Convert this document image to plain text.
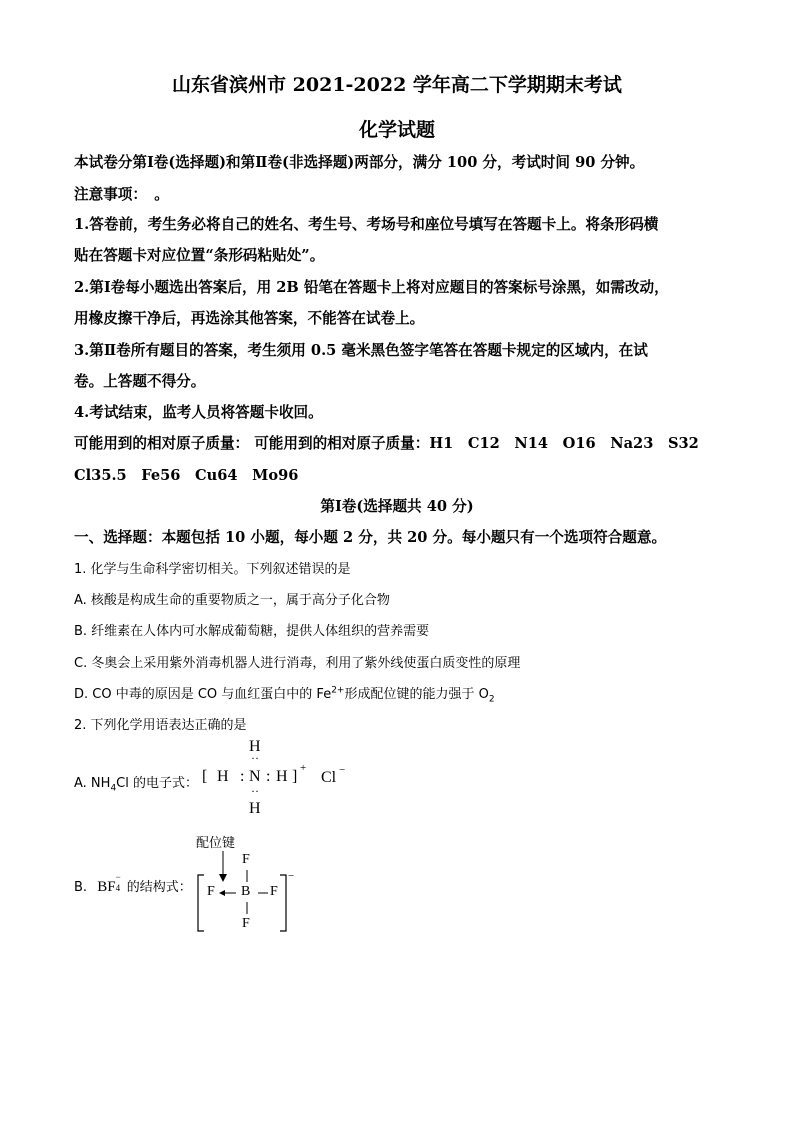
山东省滨州市 2021-2022 学年高二下学期期末考试
化学试题
本试卷分第Ⅰ卷(选择题)和第Ⅱ卷(非选择题)两部分，满分 100 分，考试时间 90 分钟。
注意事项：　。
1.答卷前，考生务必将自己的姓名、考生号、考场号和座位号填写在答题卡上。将条形码横
贴在答题卡对应位置“条形码粘贴处”。
2.第Ⅰ卷每小题选出答案后，用 2B 铅笔在答题卡上将对应题目的答案标号涂黑，如需改动，
用橡皮擦干净后，再选涂其他答案，不能答在试卷上。
3.第Ⅱ卷所有题目的答案，考生须用 0.5 毫米黑色签字笔答在答题卡规定的区域内，在试
卷。上答题不得分。
4.考试结束，监考人员将答题卡收回。
可能用到的相对原子质量： 可能用到的相对原子质量：H1　C12　N14　O16　Na23　S32
Cl35.5　Fe56　Cu64　Mo96
第Ⅰ卷(选择题共 40 分)
一、选择题：本题包括 10 小题，每小题 2 分，共 20 分。每小题只有一个选项符合题意。
1. 化学与生命科学密切相关。下列叙述错误的是
A. 核酸是构成生命的重要物质之一，属于高分子化合物
B. 纤维素在人体内可水解成葡萄糖，提供人体组织的营养需要
C. 冬奥会上采用紫外消毒机器人进行消毒，利用了紫外线使蛋白质变性的原理
D. CO 中毒的原因是 CO 与血红蛋白中的 $Fe^{2+}$形成配位键的能力强于 $O_2$
2. 下列化学用语表达正确的是
A. $NH_4Cl$ 的电子式：
H
··
[ H : N : H ] +
Cl −
··
H
B. BF
−
4 的结构式：
配位键
F
F B F
F
−
